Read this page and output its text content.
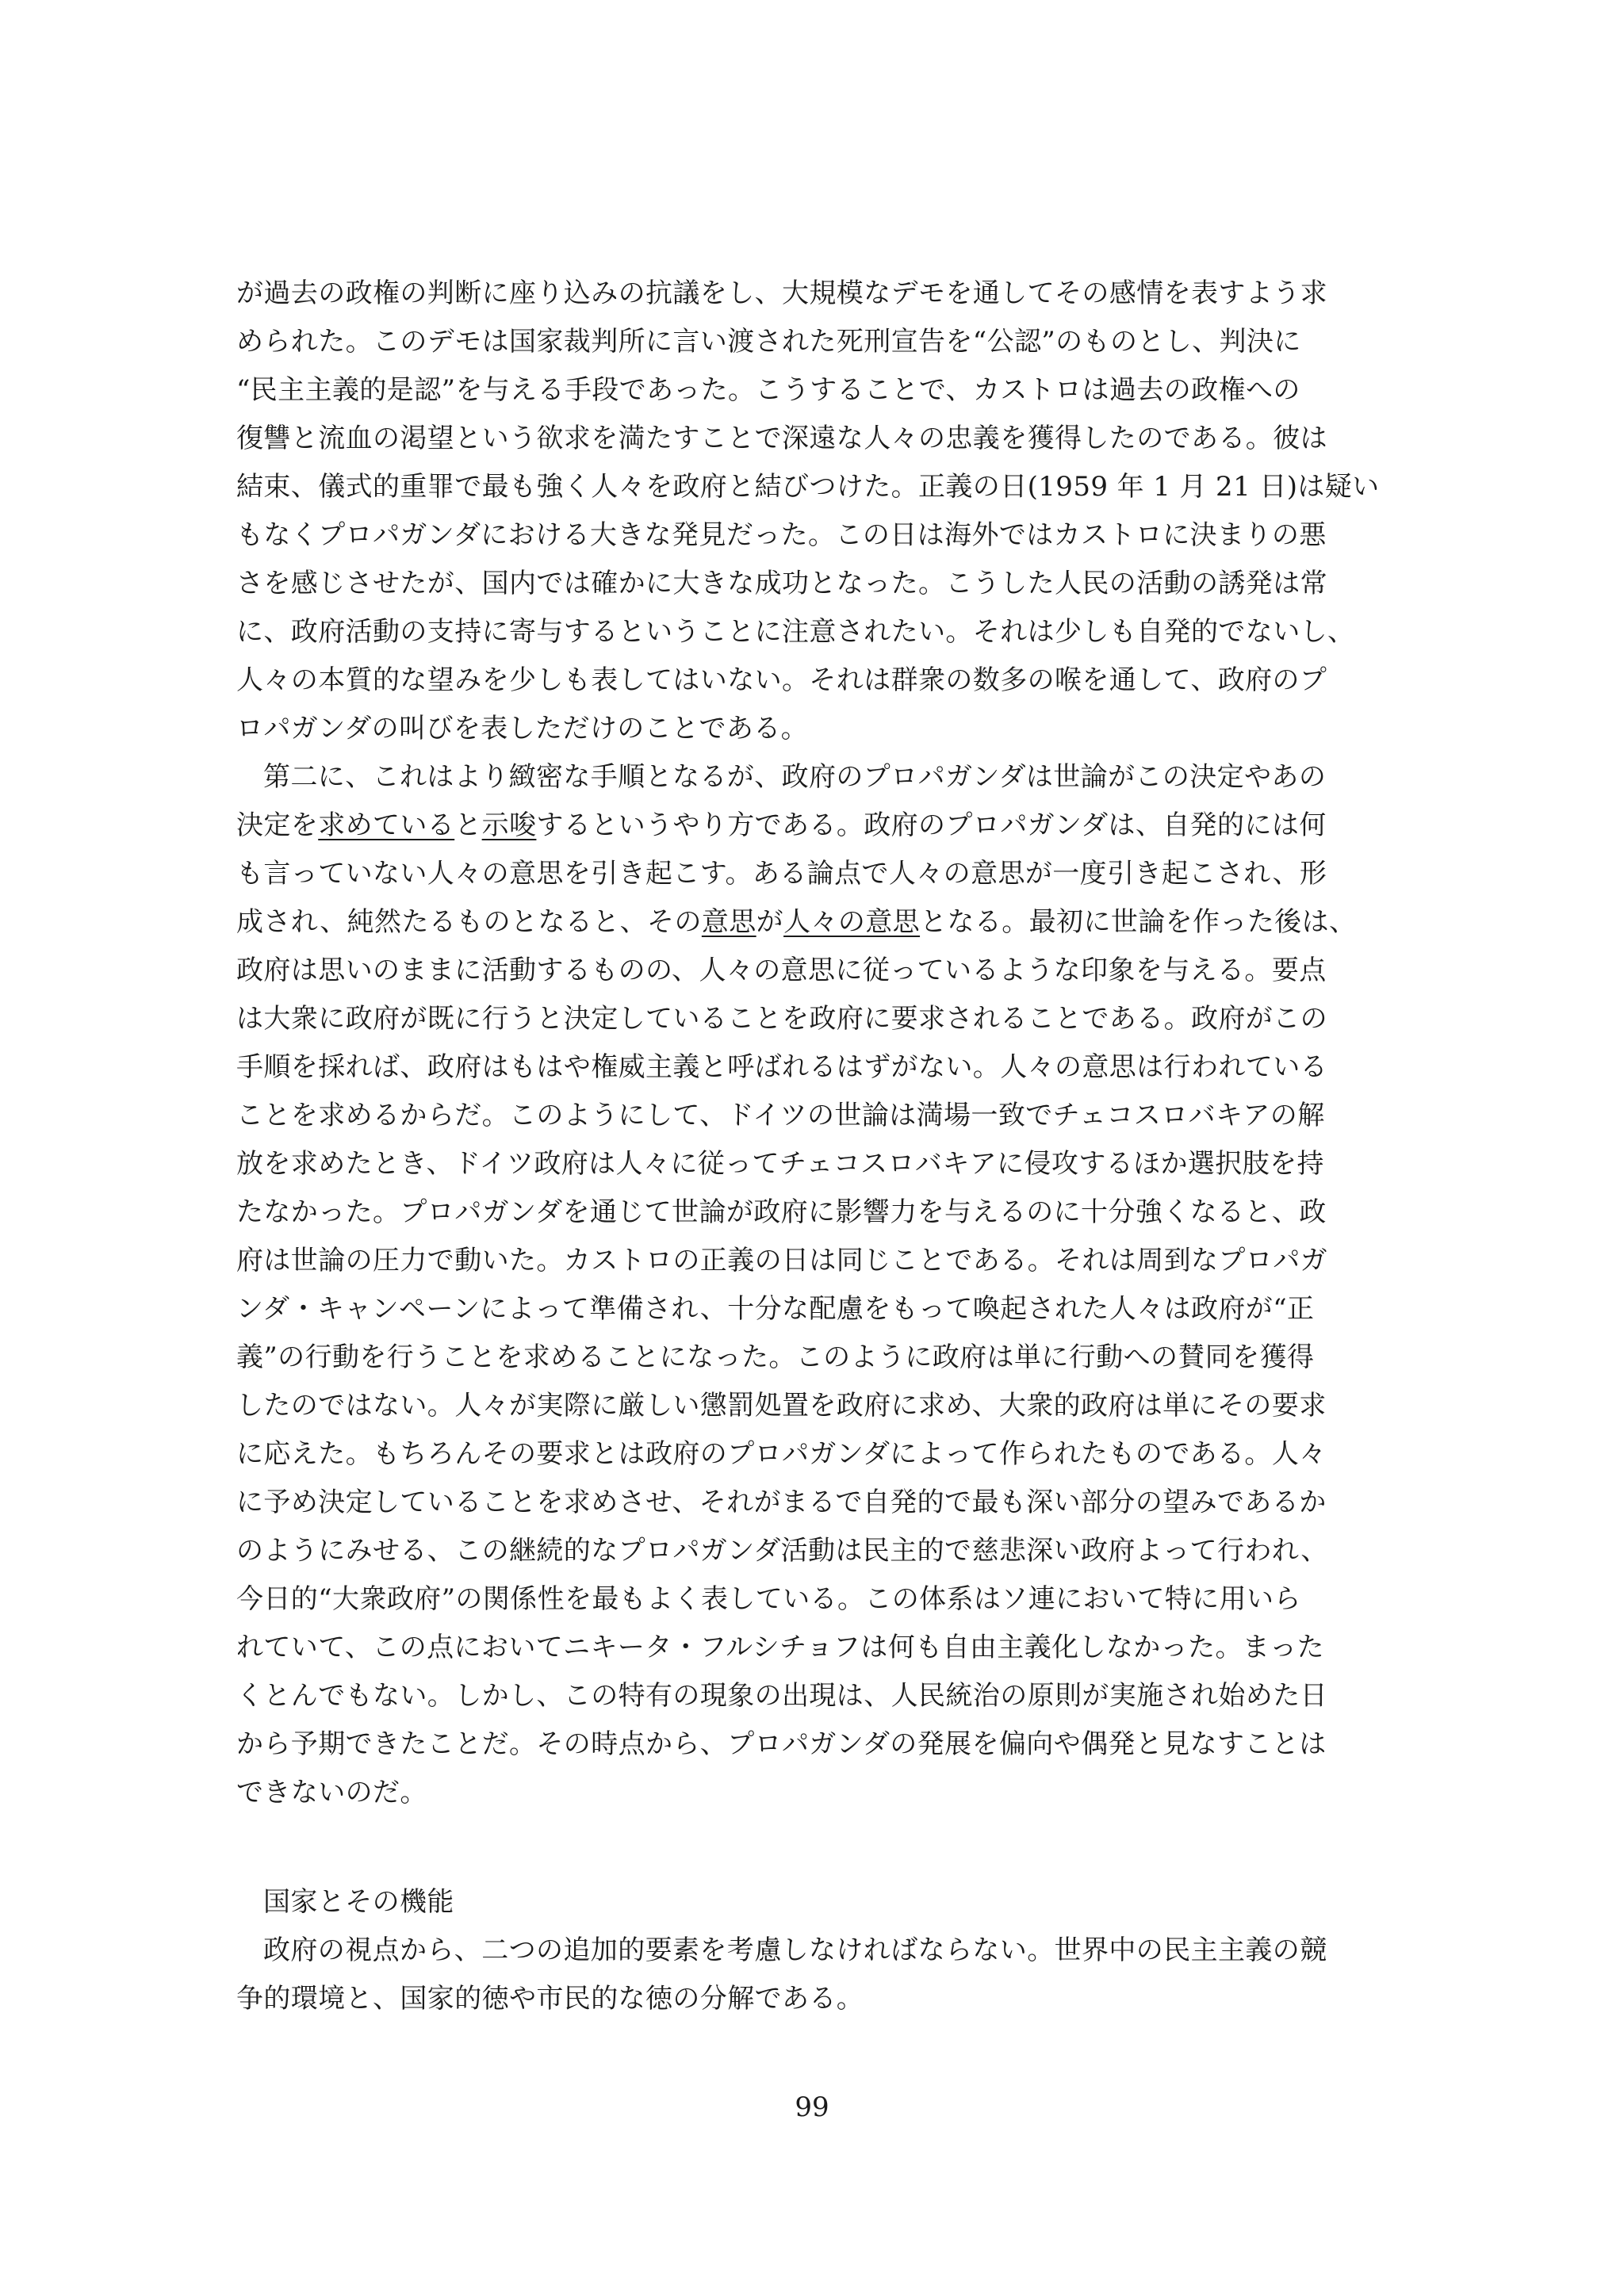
が過去の政権の判断に座り込みの抗議をし、大規模なデモを通してその感情を表すよう求
められた。このデモは国家裁判所に言い渡された死刑宣告を“公認”のものとし、判決に
“民主主義的是認”を与える手段であった。こうすることで、カストロは過去の政権への
復讐と流血の渇望という欲求を満たすことで深遠な人々の忠義を獲得したのである。彼は
結束、儀式的重罪で最も強く人々を政府と結びつけた。正義の日(1959 年 1 月 21 日)は疑い
もなくプロパガンダにおける大きな発見だった。この日は海外ではカストロに決まりの悪
さを感じさせたが、国内では確かに大きな成功となった。こうした人民の活動の誘発は常
に、政府活動の支持に寄与するということに注意されたい。それは少しも自発的でないし、
人々の本質的な望みを少しも表してはいない。それは群衆の数多の喉を通して、政府のプ
ロパガンダの叫びを表しただけのことである。
第二に、これはより緻密な手順となるが、政府のプロパガンダは世論がこの決定やあの
決定を求めていると示唆するというやり方である。政府のプロパガンダは、自発的には何
も言っていない人々の意思を引き起こす。ある論点で人々の意思が一度引き起こされ、形
成され、純然たるものとなると、その意思が人々の意思となる。最初に世論を作った後は、
政府は思いのままに活動するものの、人々の意思に従っているような印象を与える。要点
は大衆に政府が既に行うと決定していることを政府に要求されることである。政府がこの
手順を採れば、政府はもはや権威主義と呼ばれるはずがない。人々の意思は行われている
ことを求めるからだ。このようにして、ドイツの世論は満場一致でチェコスロバキアの解
放を求めたとき、ドイツ政府は人々に従ってチェコスロバキアに侵攻するほか選択肢を持
たなかった。プロパガンダを通じて世論が政府に影響力を与えるのに十分強くなると、政
府は世論の圧力で動いた。カストロの正義の日は同じことである。それは周到なプロパガ
ンダ・キャンペーンによって準備され、十分な配慮をもって喚起された人々は政府が“正
義”の行動を行うことを求めることになった。このように政府は単に行動への賛同を獲得
したのではない。人々が実際に厳しい懲罰処置を政府に求め、大衆的政府は単にその要求
に応えた。もちろんその要求とは政府のプロパガンダによって作られたものである。人々
に予め決定していることを求めさせ、それがまるで自発的で最も深い部分の望みであるか
のようにみせる、この継続的なプロパガンダ活動は民主的で慈悲深い政府よって行われ、
今日的“大衆政府”の関係性を最もよく表している。この体系はソ連において特に用いら
れていて、この点においてニキータ・フルシチョフは何も自由主義化しなかった。まった
くとんでもない。しかし、この特有の現象の出現は、人民統治の原則が実施され始めた日
から予期できたことだ。その時点から、プロパガンダの発展を偏向や偶発と見なすことは
できないのだ。
国家とその機能
政府の視点から、二つの追加的要素を考慮しなければならない。世界中の民主主義の競
争的環境と、国家的徳や市民的な徳の分解である。
99
